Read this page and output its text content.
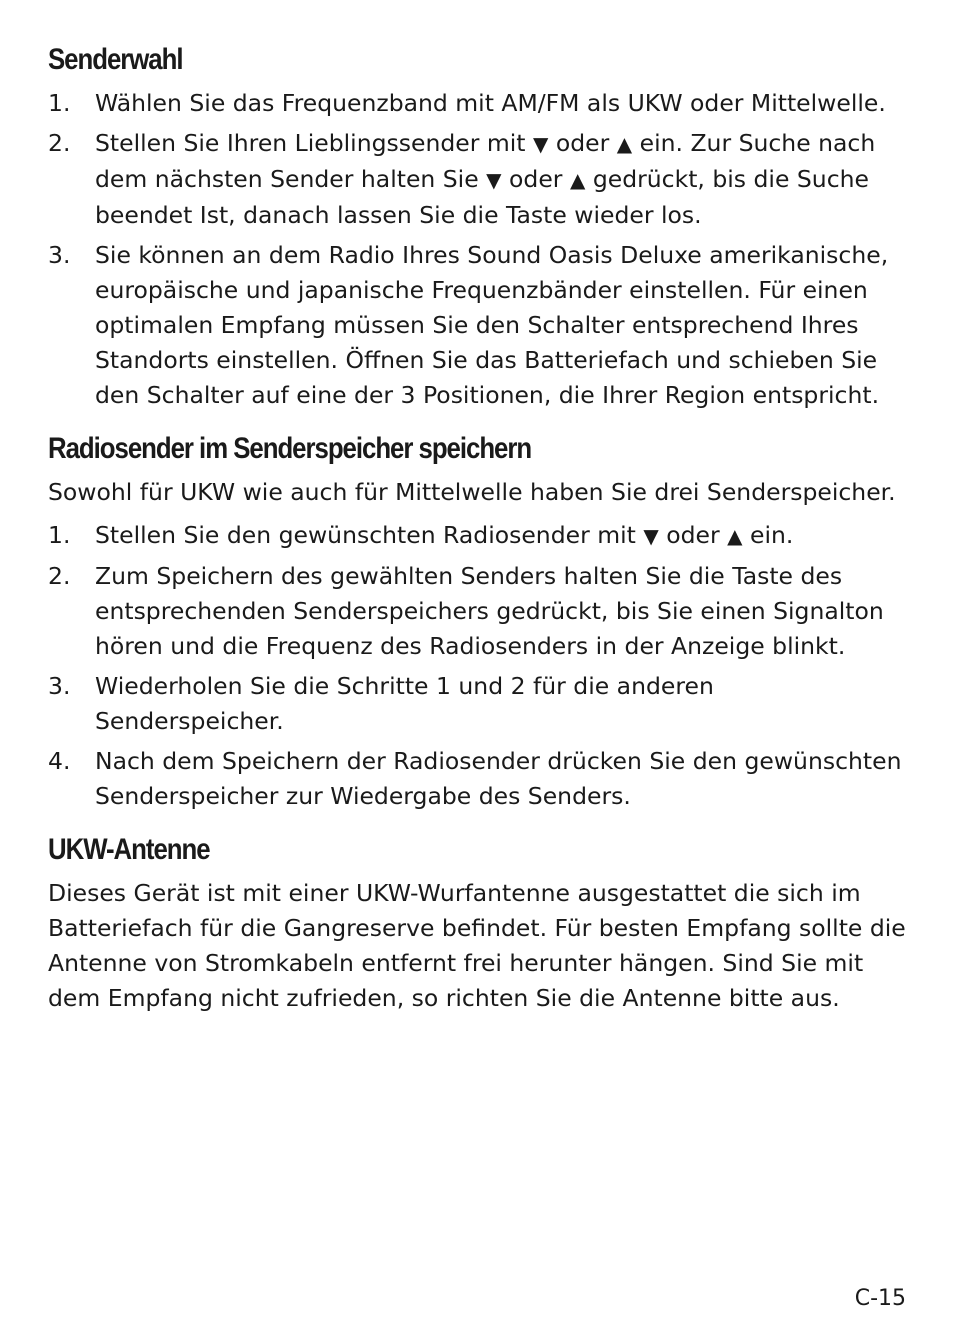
Senderwahl
1. Wählen Sie das Frequenzband mit AM/FM als UKW oder Mittelwelle.
2. Stellen Sie Ihren Lieblingssender mit ▼ oder ▲ ein. Zur Suche nach dem nächsten Sender halten Sie ▼ oder ▲ gedrückt, bis die Suche beendet Ist, danach lassen Sie die Taste wieder los.
3. Sie können an dem Radio Ihres Sound Oasis Deluxe amerikanische, europäische und japanische Frequenzbänder einstellen. Für einen optimalen Empfang müssen Sie den Schalter entsprechend Ihres Standorts einstellen. Öffnen Sie das Batteriefach und schieben Sie den Schalter auf eine der 3 Positionen, die Ihrer Region entspricht.
Radiosender im Senderspeicher speichern

Sowohl für UKW wie auch für Mittelwelle haben Sie drei Senderspeicher.

1. Stellen Sie den gewünschten Radiosender mit ▼ oder ▲ ein.
2. Zum Speichern des gewählten Senders halten Sie die Taste des entsprechenden Senderspeichers gedrückt, bis Sie einen Signalton hören und die Frequenz des Radiosenders in der Anzeige blinkt.
3. Wiederholen Sie die Schritte 1 und 2 für die anderen Senderspeicher.
4. Nach dem Speichern der Radiosender drücken Sie den gewünschten Senderspeicher zur Wiedergabe des Senders.
UKW-Antenne

Dieses Gerät ist mit einer UKW-Wurfantenne ausgestattet die sich im Batteriefach für die Gangreserve befindet. Für besten Empfang sollte die Antenne von Stromkabeln entfernt frei herunter hängen. Sind Sie mit dem Empfang nicht zufrieden, so richten Sie die Antenne bitte aus.

C-15
